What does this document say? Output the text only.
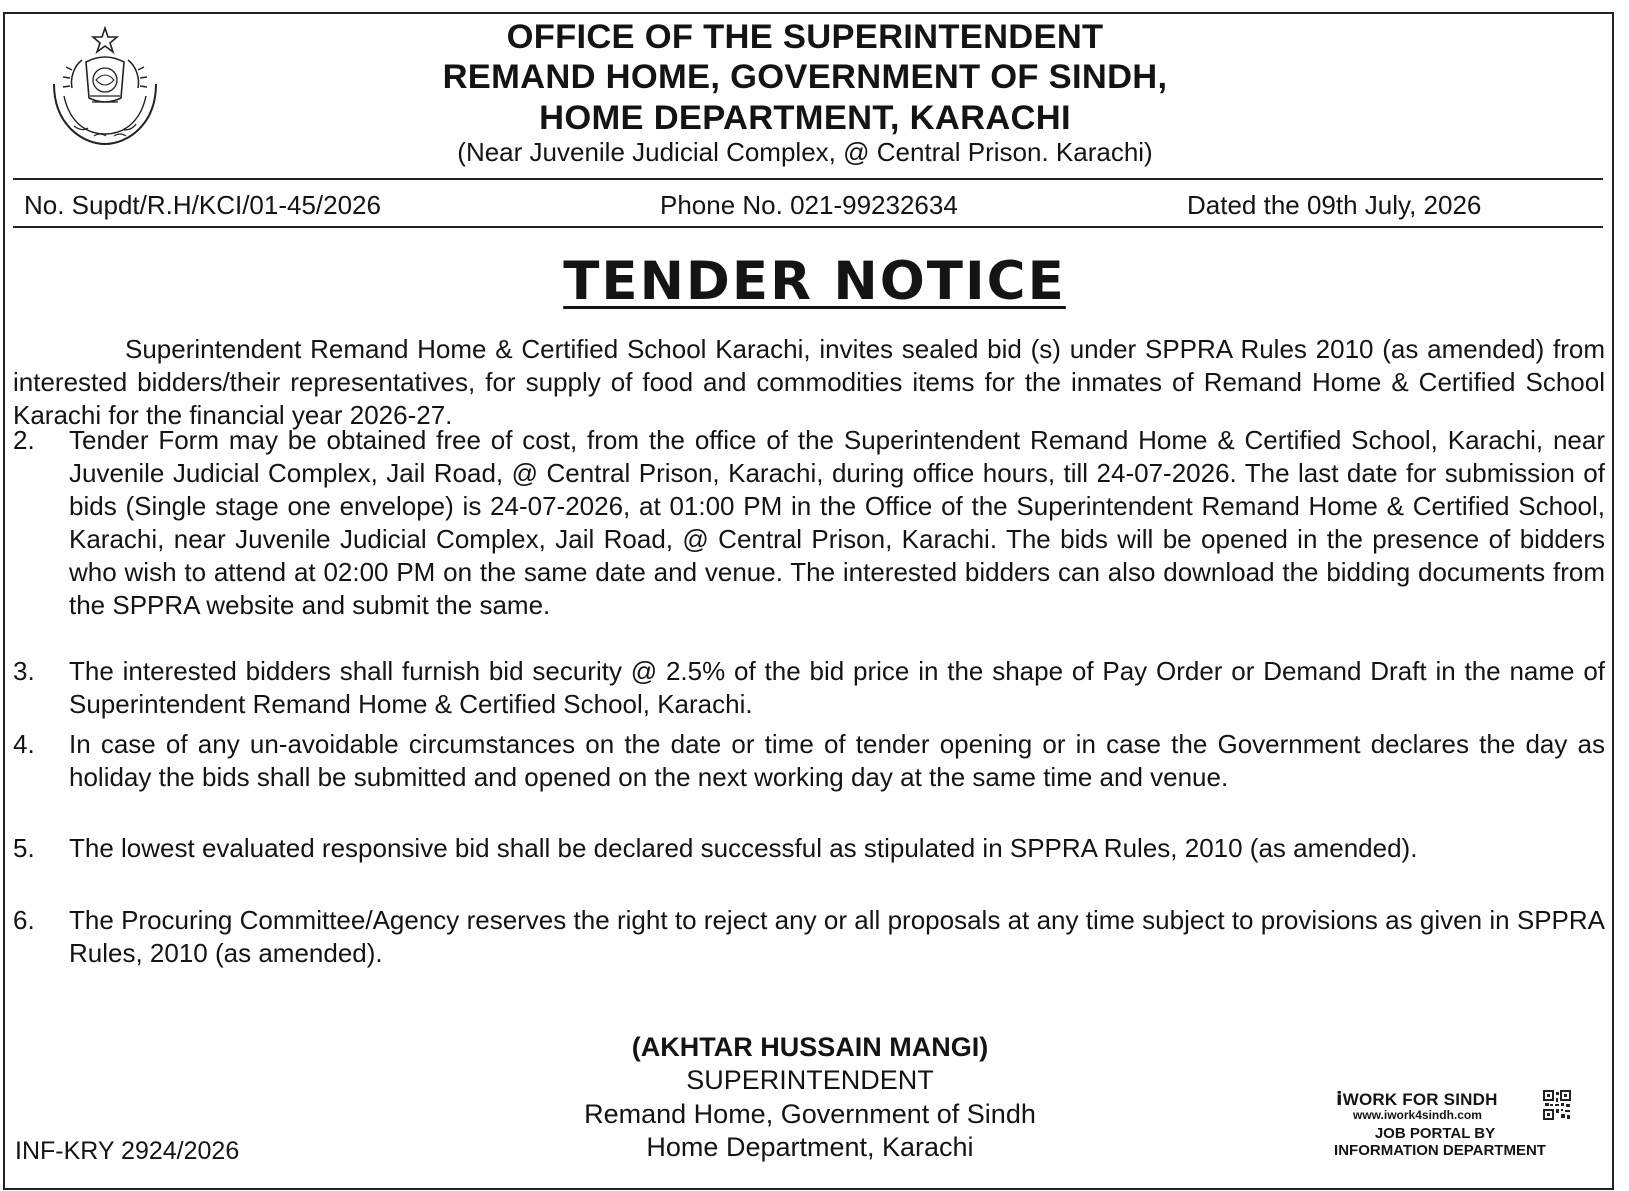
OFFICE OF THE SUPERINTENDENT
REMAND HOME, GOVERNMENT OF SINDH,
HOME DEPARTMENT, KARACHI
(Near Juvenile Judicial Complex, @ Central Prison. Karachi)
No. Supdt/R.H/KCI/01-45/2026	Phone No. 021-99232634	Dated the 09th July, 2026
TENDER NOTICE
Superintendent Remand Home & Certified School Karachi, invites sealed bid (s) under SPPRA Rules 2010 (as amended) from interested bidders/their representatives, for supply of food and commodities items for the inmates of Remand Home & Certified School Karachi for the financial year 2026-27.
2. Tender Form may be obtained free of cost, from the office of the Superintendent Remand Home & Certified School, Karachi, near Juvenile Judicial Complex, Jail Road, @ Central Prison, Karachi, during office hours, till 24-07-2026. The last date for submission of bids (Single stage one envelope) is 24-07-2026, at 01:00 PM in the Office of the Superintendent Remand Home & Certified School, Karachi, near Juvenile Judicial Complex, Jail Road, @ Central Prison, Karachi. The bids will be opened in the presence of bidders who wish to attend at 02:00 PM on the same date and venue. The interested bidders can also download the bidding documents from the SPPRA website and submit the same.
3. The interested bidders shall furnish bid security @ 2.5% of the bid price in the shape of Pay Order or Demand Draft in the name of Superintendent Remand Home & Certified School, Karachi.
4. In case of any un-avoidable circumstances on the date or time of tender opening or in case the Government declares the day as holiday the bids shall be submitted and opened on the next working day at the same time and venue.
5. The lowest evaluated responsive bid shall be declared successful as stipulated in SPPRA Rules, 2010 (as amended).
6. The Procuring Committee/Agency reserves the right to reject any or all proposals at any time subject to provisions as given in SPPRA Rules, 2010 (as amended).
(AKHTAR HUSSAIN MANGI)
SUPERINTENDENT
Remand Home, Government of Sindh
Home Department, Karachi
INF-KRY 2924/2026
ⅰWORK FOR SINDH
www.iwork4sindh.com
JOB PORTAL BY
INFORMATION DEPARTMENT
